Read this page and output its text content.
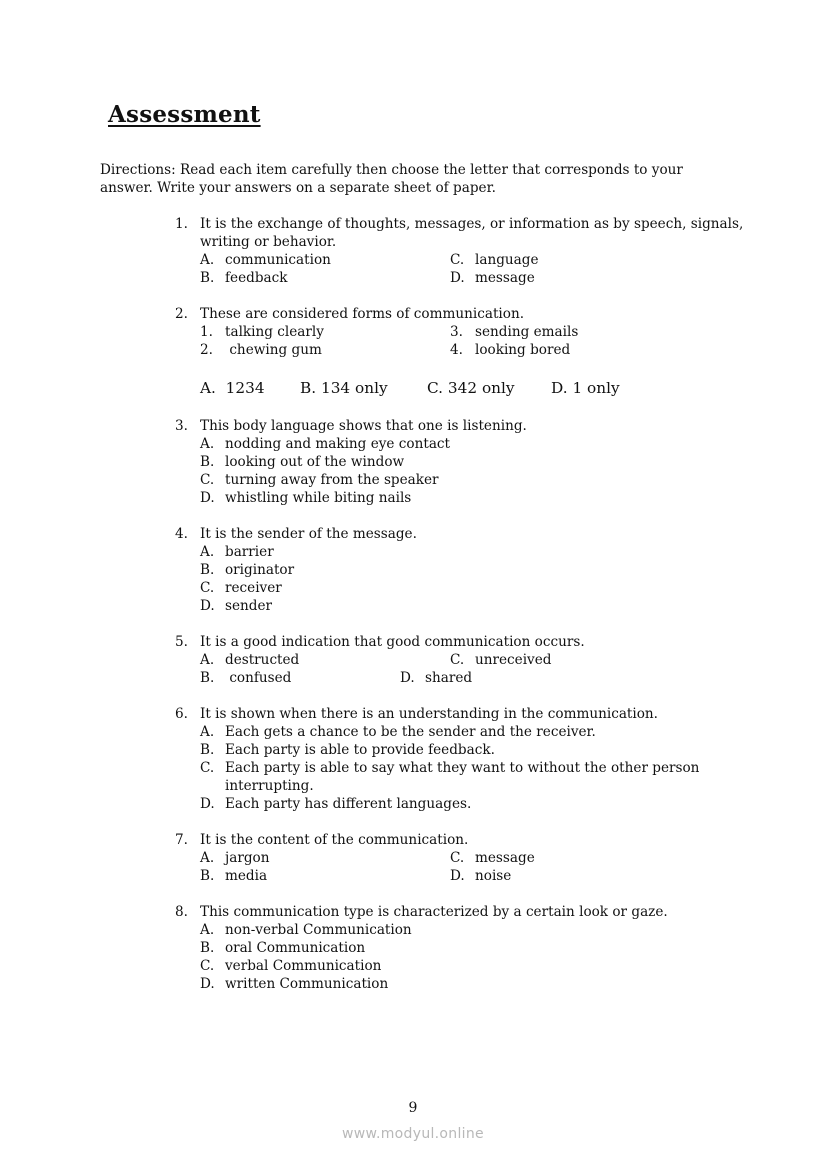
Assessment
Directions: Read each item carefully then choose the letter that corresponds to your answer. Write your answers on a separate sheet of paper.
1. It is the exchange of thoughts, messages, or information as by speech, signals, writing or behavior.
A. communication	C. language
B. feedback	D. message
2. These are considered forms of communication.
1. talking clearly	3. sending emails
2. chewing gum	4. looking bored
A.  1234	B. 134 only	C. 342 only	D. 1 only
3. This body language shows that one is listening.
A. nodding and making eye contact
B. looking out of the window
C. turning away from the speaker
D. whistling while biting nails
4. It is the sender of the message.
A. barrier
B. originator
C. receiver
D. sender
5. It is a good indication that good communication occurs.
A. destructed	C. unreceived
B. confused	D. shared
6. It is shown when there is an understanding in the communication.
A. Each gets a chance to be the sender and the receiver.
B. Each party is able to provide feedback.
C. Each party is able to say what they want to without the other person interrupting.
D. Each party has different languages.
7. It is the content of the communication.
A. jargon	C. message
B. media	D. noise
8. This communication type is characterized by a certain look or gaze.
A. non-verbal Communication
B. oral Communication
C. verbal Communication
D. written Communication
9
www.modyul.online
